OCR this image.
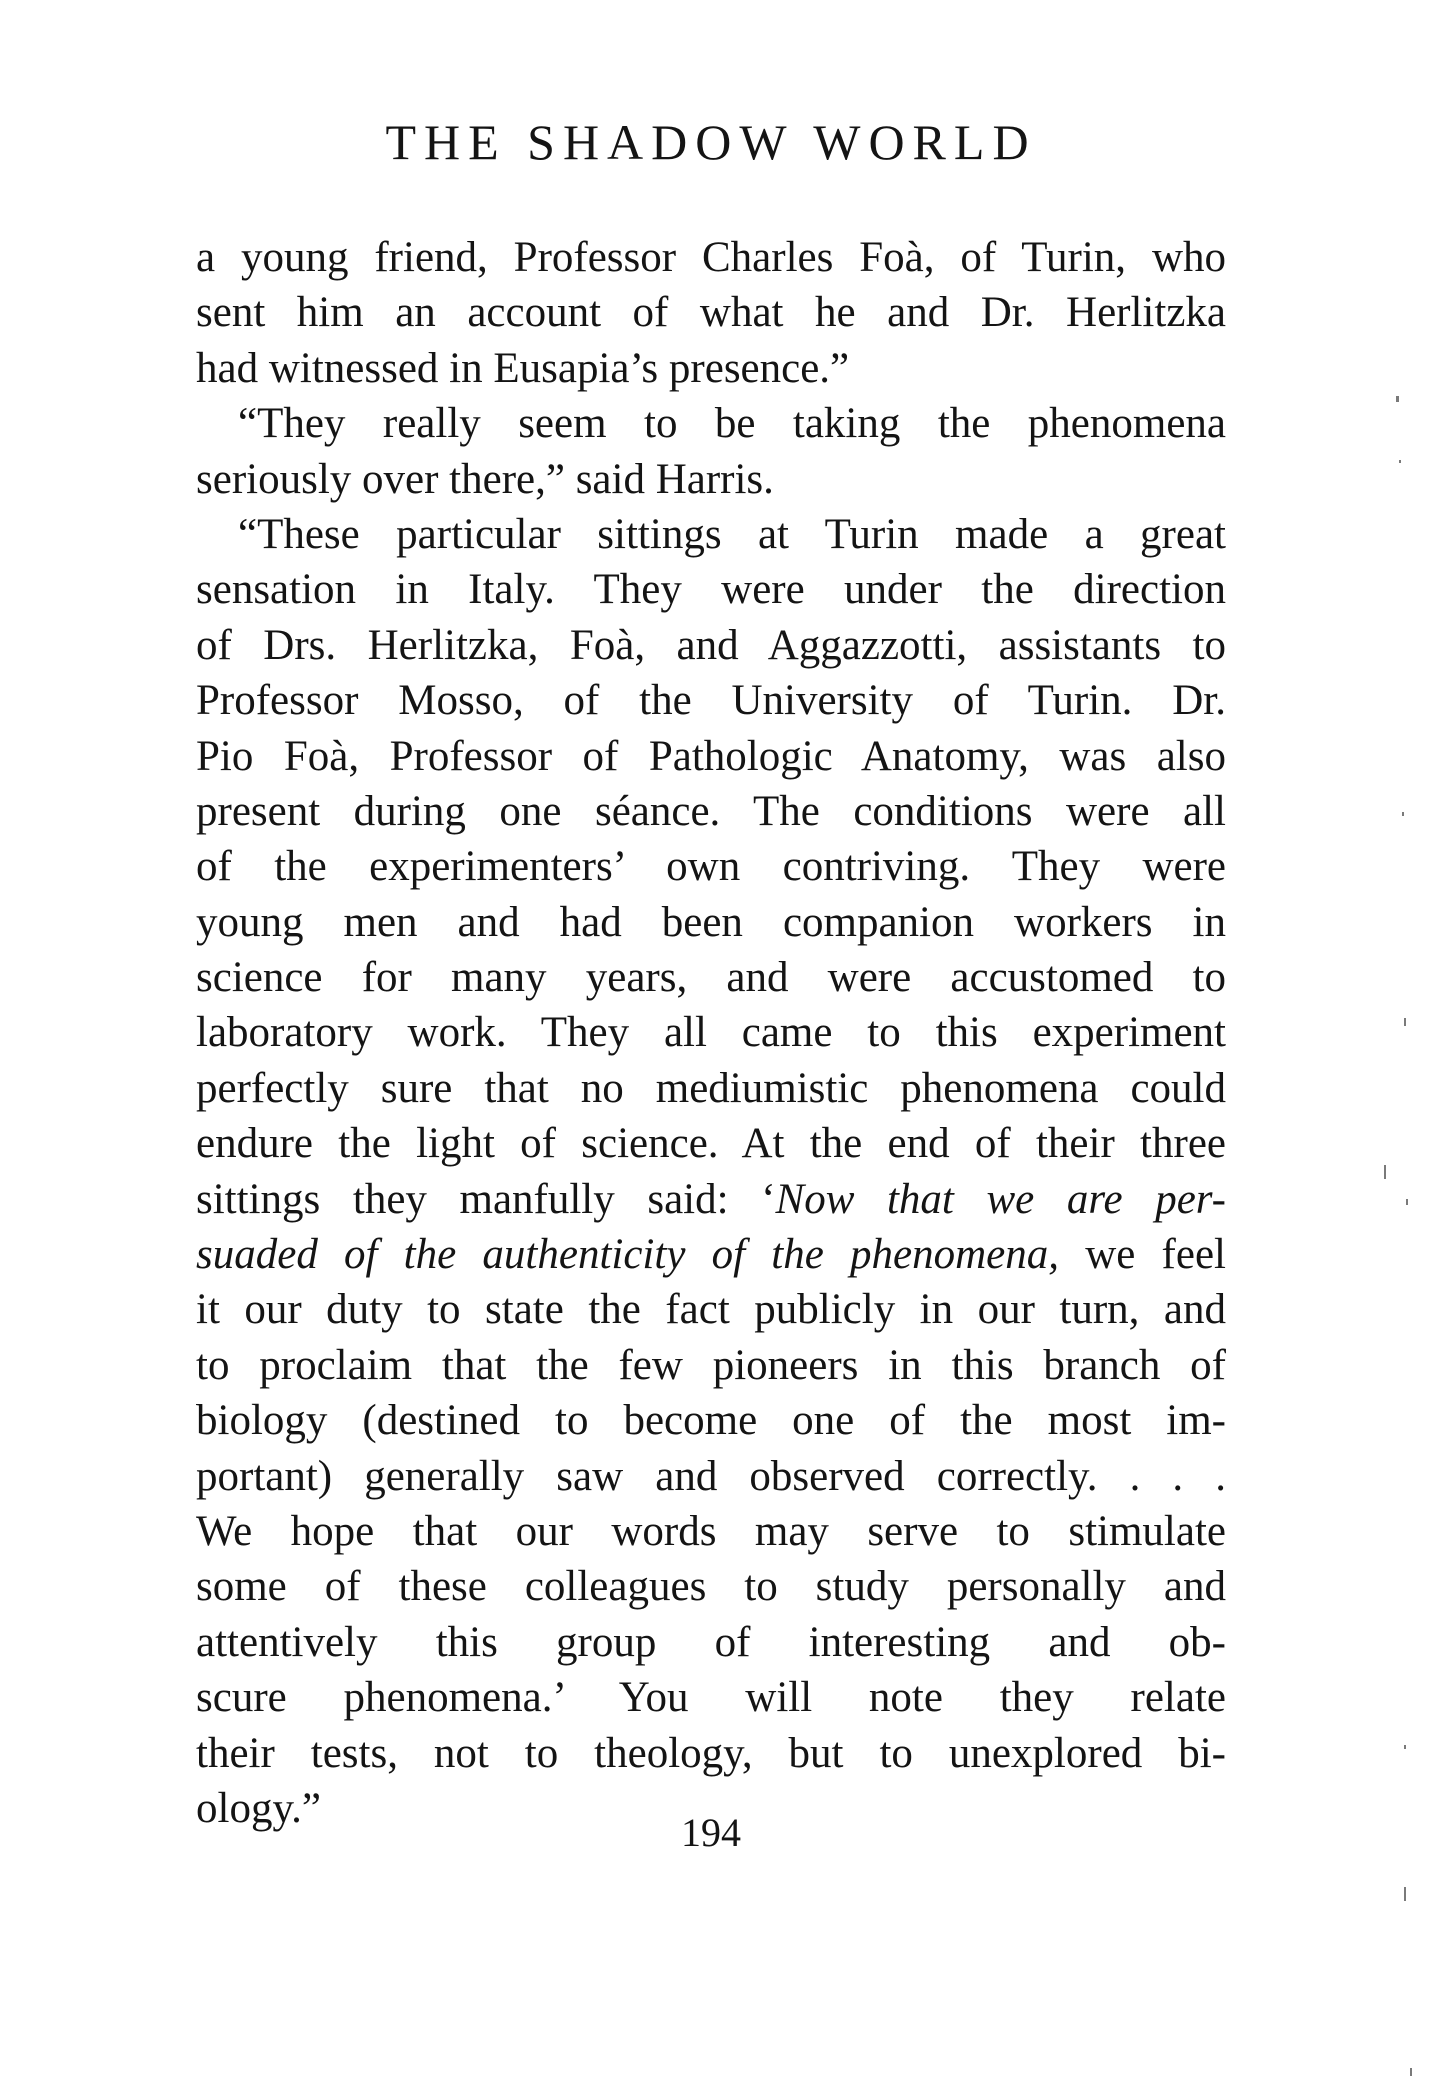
THE SHADOW WORLD
a young friend, Professor Charles Foà, of Turin, who
sent him an account of what he and Dr. Herlitzka
had witnessed in Eusapia’s presence.”
“They really seem to be taking the phenomena
seriously over there,” said Harris.
“These particular sittings at Turin made a great
sensation in Italy. They were under the direction
of Drs. Herlitzka, Foà, and Aggazzotti, assistants to
Professor Mosso, of the University of Turin. Dr.
Pio Foà, Professor of Pathologic Anatomy, was also
present during one séance. The conditions were all
of the experimenters’ own contriving. They were
young men and had been companion workers in
science for many years, and were accustomed to
laboratory work. They all came to this experiment
perfectly sure that no mediumistic phenomena could
endure the light of science. At the end of their three
sittings they manfully said: ‘Now that we are per-
suaded of the authenticity of the phenomena, we feel
it our duty to state the fact publicly in our turn, and
to proclaim that the few pioneers in this branch of
biology (destined to become one of the most im-
portant) generally saw and observed correctly. . . .
We hope that our words may serve to stimulate
some of these colleagues to study personally and
attentively this group of interesting and ob-
scure phenomena.’ You will note they relate
their tests, not to theology, but to unexplored bi-
ology.”
194
